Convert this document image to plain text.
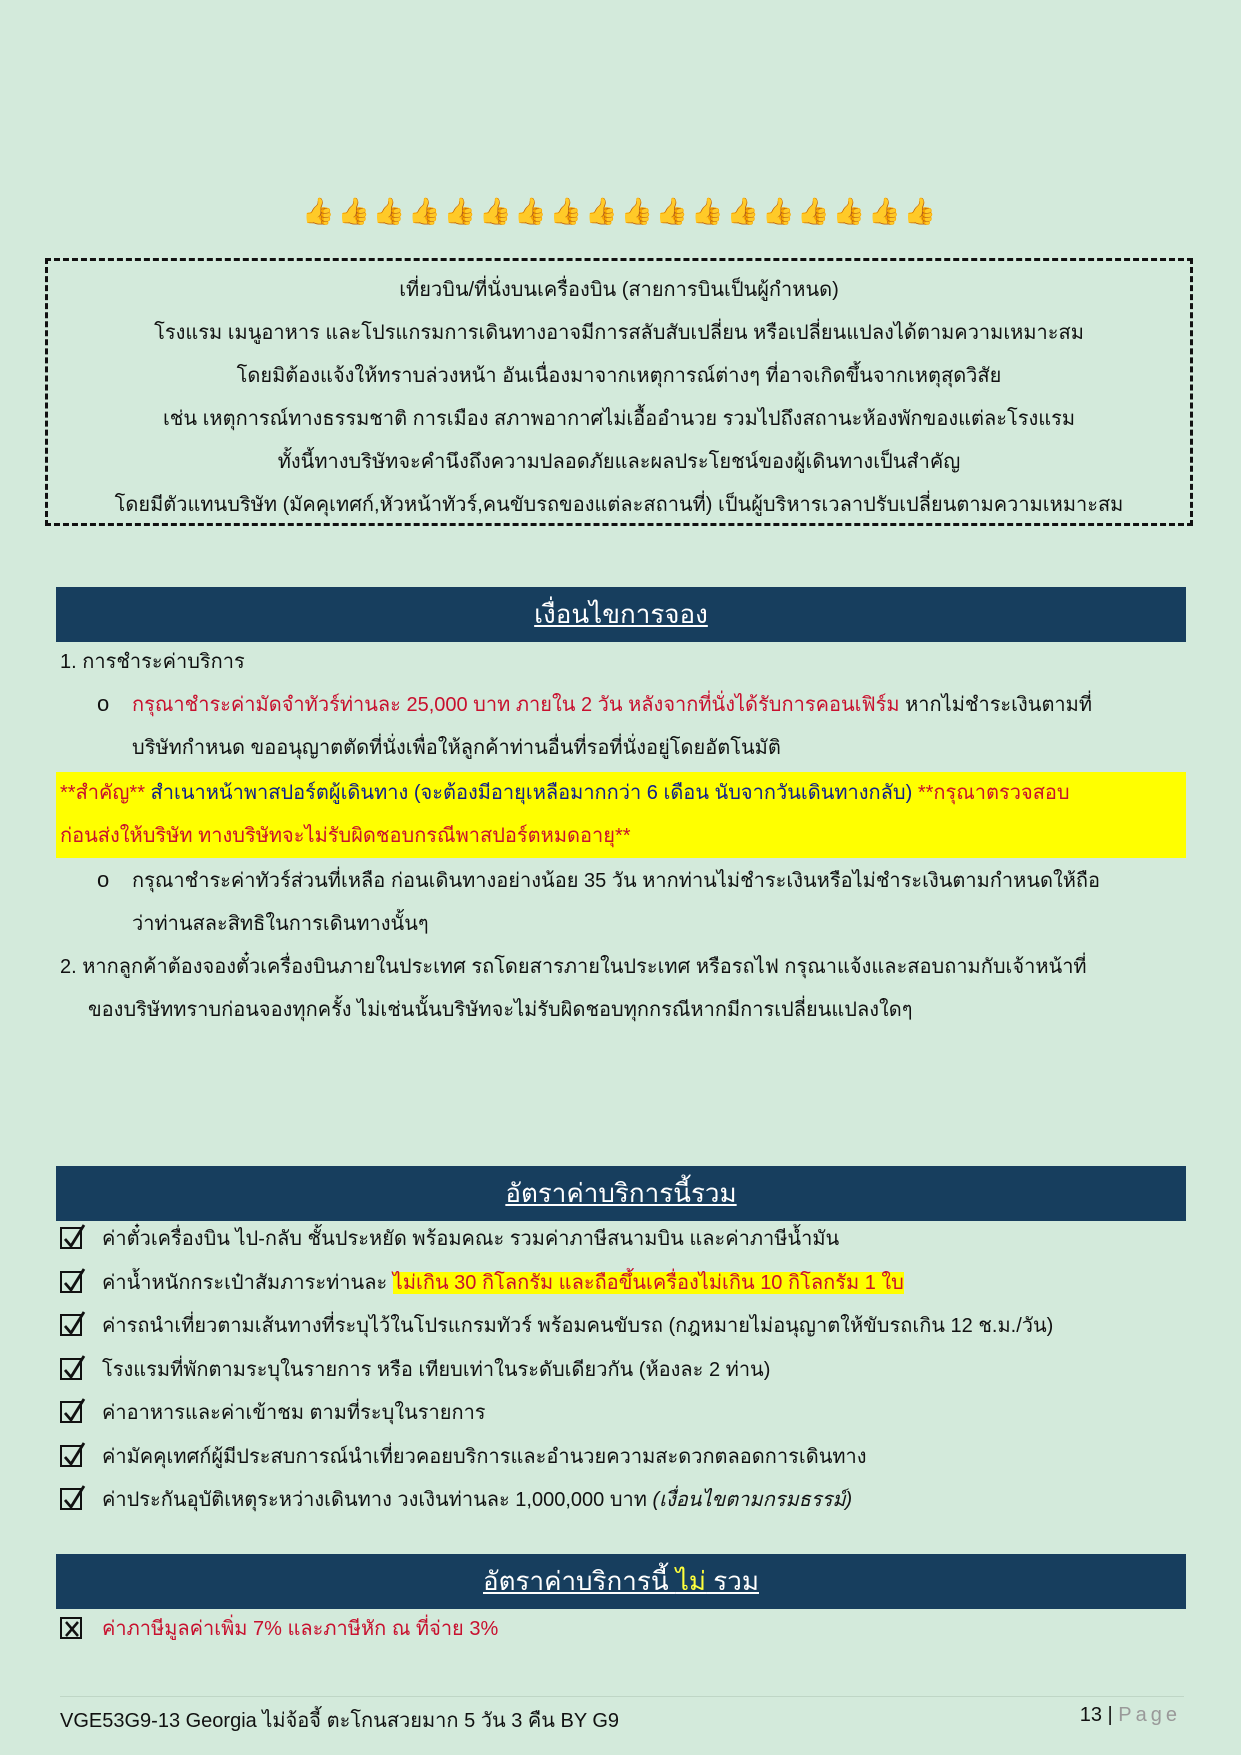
👍👍👍👍👍👍👍👍👍👍👍👍👍👍👍👍👍👍

เที่ยวบิน/ที่นั่งบนเครื่องบิน (สายการบินเป็นผู้กำหนด)

โรงแรม เมนูอาหาร และโปรแกรมการเดินทางอาจมีการสลับสับเปลี่ยน หรือเปลี่ยนแปลงได้ตามความเหมาะสม

โดยมิต้องแจ้งให้ทราบล่วงหน้า อันเนื่องมาจากเหตุการณ์ต่างๆ ที่อาจเกิดขึ้นจากเหตุสุดวิสัย

เช่น เหตุการณ์ทางธรรมชาติ การเมือง สภาพอากาศไม่เอื้ออำนวย รวมไปถึงสถานะห้องพักของแต่ละโรงแรม

ทั้งนี้ทางบริษัทจะคำนึงถึงความปลอดภัยและผลประโยชน์ของผู้เดินทางเป็นสำคัญ

โดยมีตัวแทนบริษัท (มัคคุเทศก์,หัวหน้าทัวร์,คนขับรถของแต่ละสถานที่) เป็นผู้บริหารเวลาปรับเปลี่ยนตามความเหมาะสม

เงื่อนไขการจอง
1. การชำระค่าบริการ
o กรุณาชำระค่ามัดจำทัวร์ท่านละ 25,000 บาท ภายใน 2 วัน หลังจากที่นั่งได้รับการคอนเฟิร์ม หากไม่ชำระเงินตามที่
บริษัทกำหนด ขออนุญาตตัดที่นั่งเพื่อให้ลูกค้าท่านอื่นที่รอที่นั่งอยู่โดยอัตโนมัติ
**สำคัญ** สำเนาหน้าพาสปอร์ตผู้เดินทาง (จะต้องมีอายุเหลือมากกว่า 6 เดือน นับจากวันเดินทางกลับ) **กรุณาตรวจสอบ
ก่อนส่งให้บริษัท ทางบริษัทจะไม่รับผิดชอบกรณีพาสปอร์ตหมดอายุ**
o กรุณาชำระค่าทัวร์ส่วนที่เหลือ ก่อนเดินทางอย่างน้อย 35 วัน หากท่านไม่ชำระเงินหรือไม่ชำระเงินตามกำหนดให้ถือ
ว่าท่านสละสิทธิในการเดินทางนั้นๆ
2. หากลูกค้าต้องจองตั๋วเครื่องบินภายในประเทศ รถโดยสารภายในประเทศ หรือรถไฟ กรุณาแจ้งและสอบถามกับเจ้าหน้าที่
ของบริษัททราบก่อนจองทุกครั้ง ไม่เช่นนั้นบริษัทจะไม่รับผิดชอบทุกกรณีหากมีการเปลี่ยนแปลงใดๆ
อัตราค่าบริการนี้รวม
ค่าตั๋วเครื่องบิน ไป-กลับ ชั้นประหยัด พร้อมคณะ รวมค่าภาษีสนามบิน และค่าภาษีน้ำมัน
ค่าน้ำหนักกระเป๋าสัมภาระท่านละ ไม่เกิน 30 กิโลกรัม และถือขึ้นเครื่องไม่เกิน 10 กิโลกรัม 1 ใบ
ค่ารถนำเที่ยวตามเส้นทางที่ระบุไว้ในโปรแกรมทัวร์ พร้อมคนขับรถ (กฎหมายไม่อนุญาตให้ขับรถเกิน 12 ช.ม./วัน)
โรงแรมที่พักตามระบุในรายการ หรือ เทียบเท่าในระดับเดียวกัน (ห้องละ 2 ท่าน)
ค่าอาหารและค่าเข้าชม ตามที่ระบุในรายการ
ค่ามัคคุเทศก์ผู้มีประสบการณ์นำเที่ยวคอยบริการและอำนวยความสะดวกตลอดการเดินทาง
ค่าประกันอุบัติเหตุระหว่างเดินทาง วงเงินท่านละ 1,000,000 บาท (เงื่อนไขตามกรมธรรม์)
อัตราค่าบริการนี้ ไม่ รวม
ค่าภาษีมูลค่าเพิ่ม 7% และภาษีหัก ณ ที่จ่าย 3%
VGE53G9-13 Georgia ไม่จ้อจี้ ตะโกนสวยมาก 5 วัน 3 คืน BY G9	13 | Page
